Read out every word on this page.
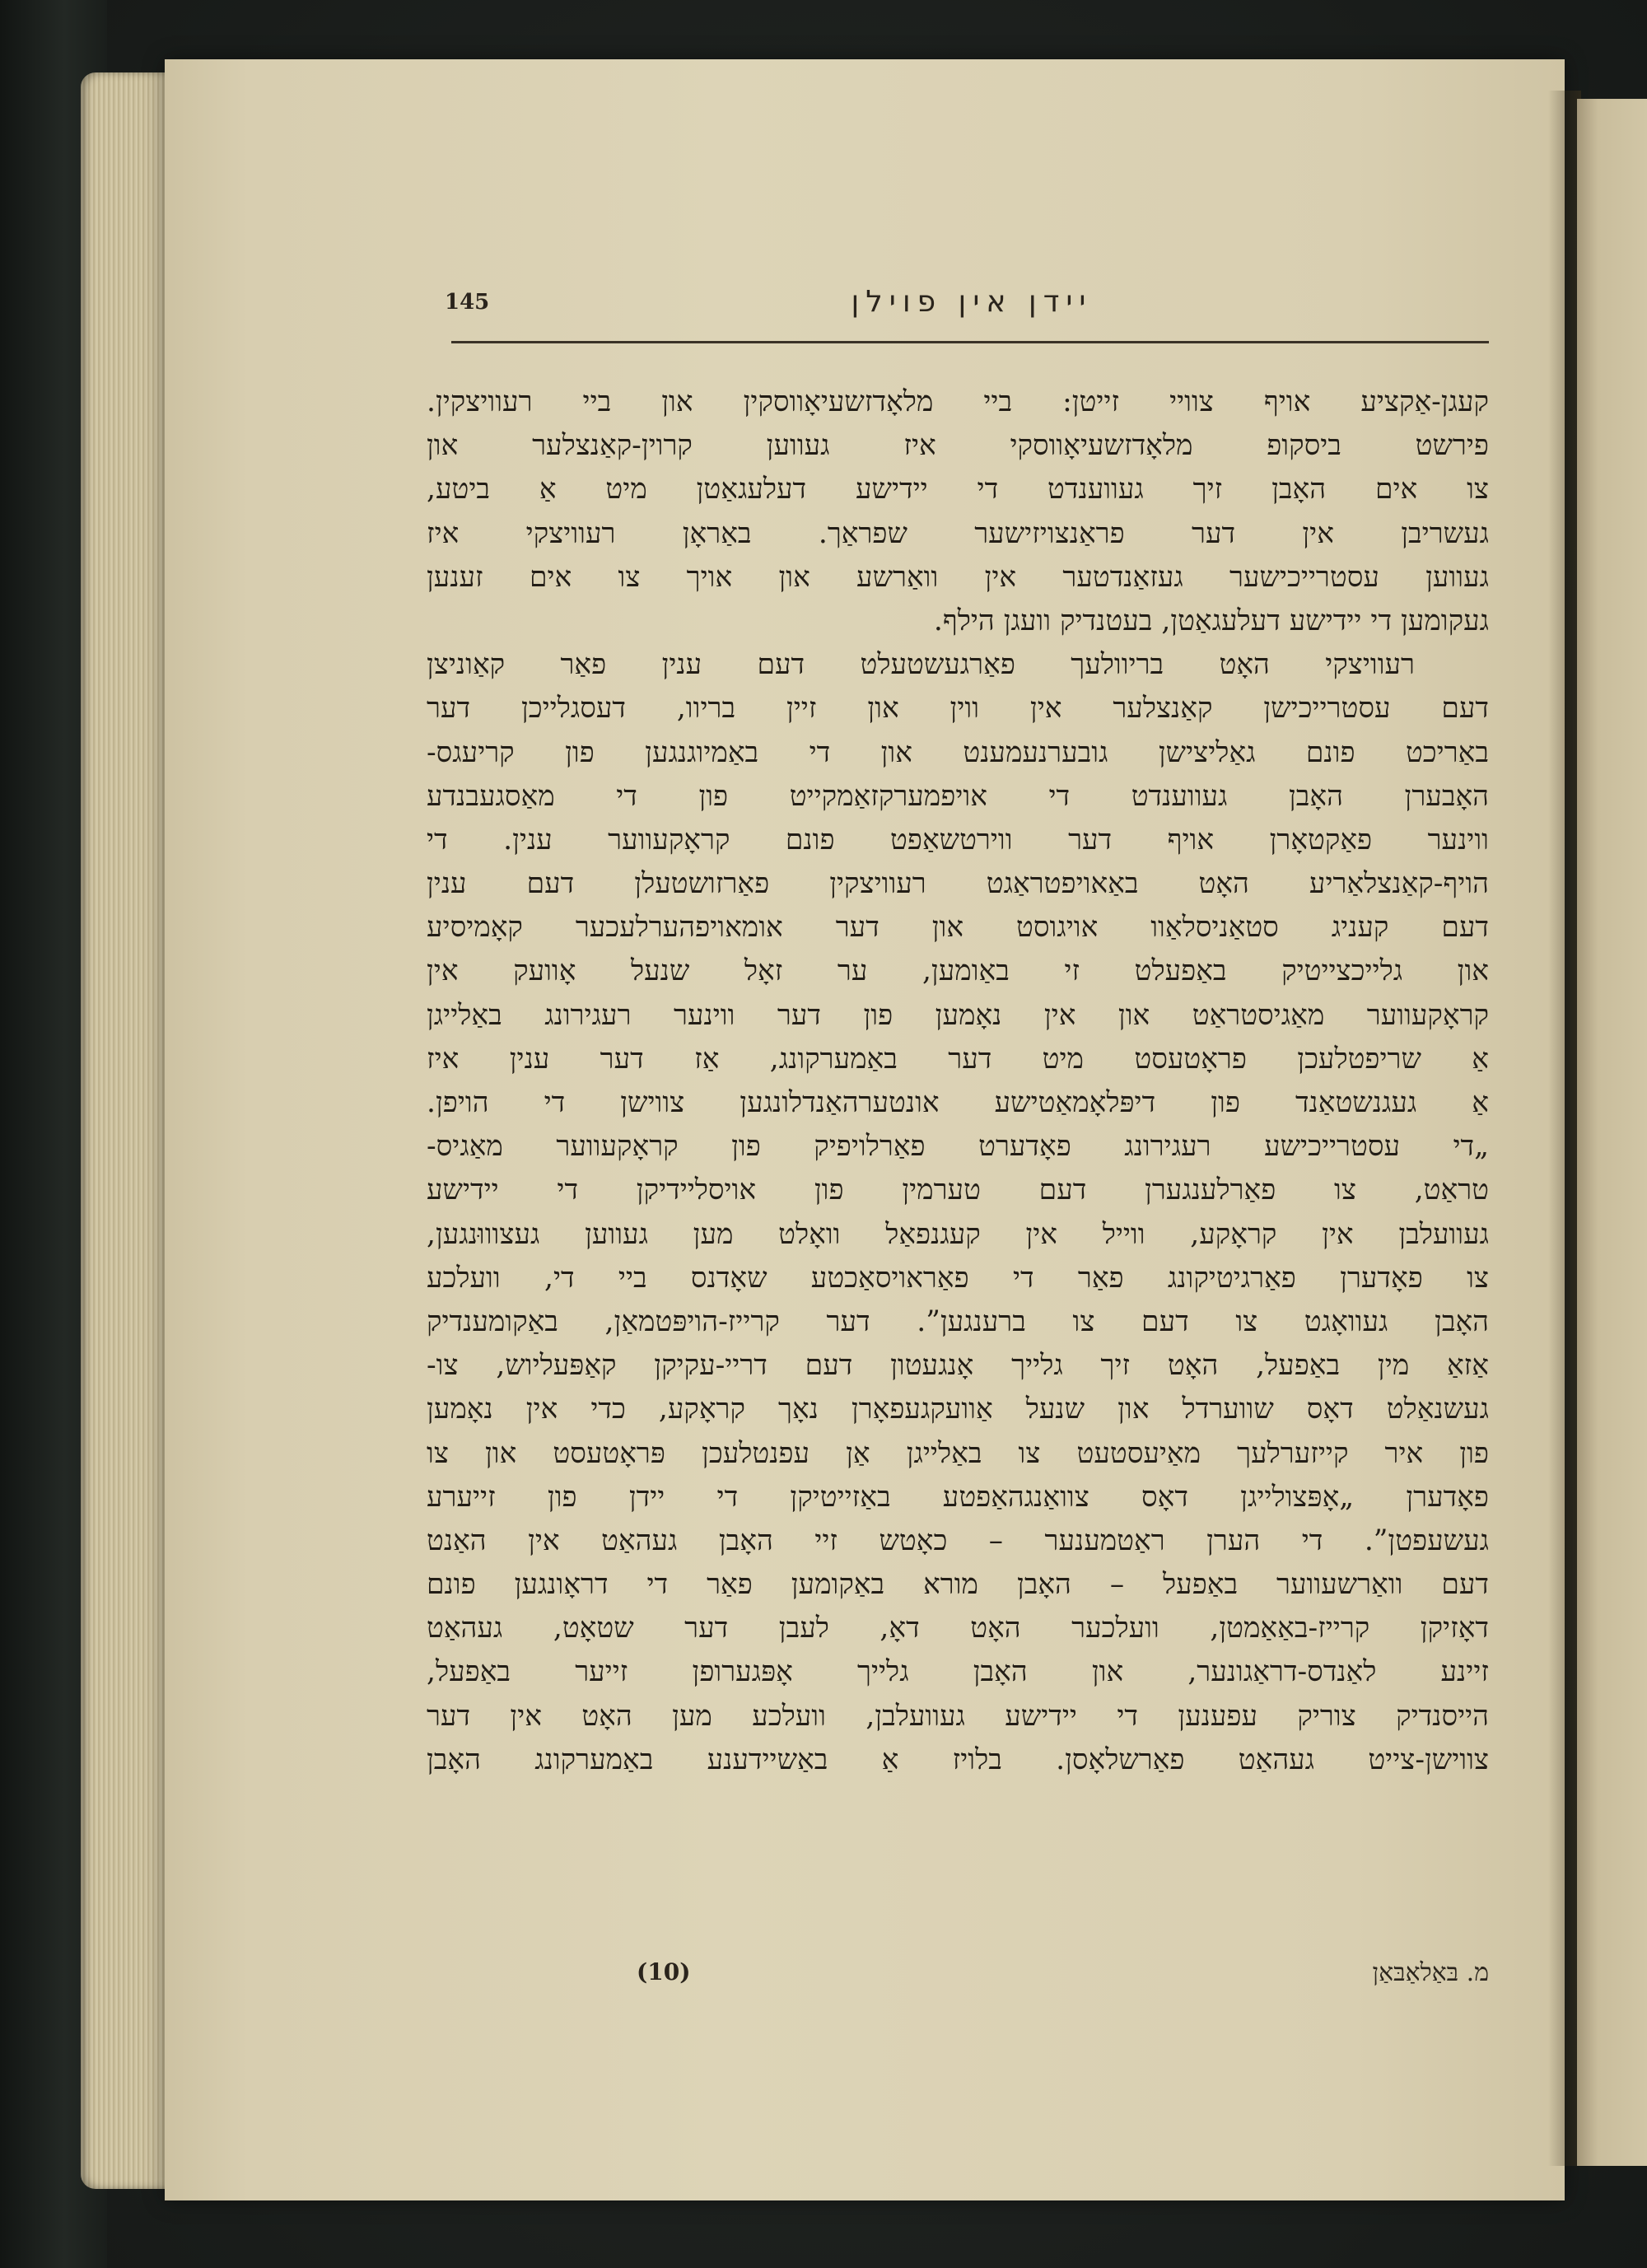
145	יידן אין פוילן
קעגן-אַקציע אויף צוויי זייטן: ביי מלאָדזשעיאָווסקין און ביי רעוויצקין.
פירשט ביסקופ מלאָדזשעיאָווסקי איז געווען קרוין-קאַנצלער און
צו אים האָבן זיך געווענדט די יידישע דעלעגאַטן מיט אַ ביטע,
געשריבן אין דער פראַנצויזישער שפראַך. באַראָן רעוויצקי איז
געווען עסטרייכישער געזאַנדטער אין וואַרשע און אויך צו אים זענען
געקומען די יידישע דעלעגאַטן, בעטנדיק וועגן הילף.
רעוויצקי האָט בריוולעך פאַרגעשטעלט דעם ענין פאַר קאַוניצן
דעם עסטרייכישן קאַנצלער אין ווין און זיין בריוו, דעסגלייכן דער
באַריכט פונם גאַליצישן גובערנעמענט און די באַמיוגנגען פון קריעגס-
האָבערן האָבן געווענדט די אויפמערקזאַמקייט פון די מאַסגעבנדע
ווינער פאַקטאָרן אויף דער ווירטשאַפט פונם קראָקעווער ענין. די
הויף-קאַנצלאַריע האָט באַאויפטראַגט רעוויצקין פאַרזושטעלן דעם ענין
דעם קעניג סטאַניסלאַוו אויגוסט און דער אומאויפהערלעכער קאָמיסיע
און גלייכצייטיק באַפעלט זי באַומען, ער זאָל שנעל אָוועק אין
קראָקעווער מאַגיסטראַט און אין נאָמען פון דער ווינער רעגירונג באַלייגן
אַ שריפטלעכן פראָטעסט מיט דער באַמערקונג, אַז דער ענין איז
אַ געגנשטאַנד פון דיפּלאָמאַטישע אונטערהאַנדלונגען צווישן די הויפן.
„די עסטרייכישע רעגירונג פאָדערט פאַרלויפיק פון קראָקעווער מאַגיס-
טראַט, צו פאַרלענגערן דעם טערמין פון אויסליידיקן די יידישע
געוועלבן אין קראָקע, ווייל אין קעגנפאַל וואָלט מען געווען געצוווּנגען,
צו פאָדערן פאַרגיטיקונג פאַר די פאַראויסאַכטע שאָדנס ביי די, וועלכע
האָבן געוואָגט צו דעם צו ברענגען”. דער קרייז-הויפּטמאַן, באַקומענדיק
אַזאַ מין באַפעל, האָט זיך גלייך אָנגעטון דעם דריי-עקיקן קאַפּעליוש, צו-
געשנאַלט דאָס שווערדל און שנעל אַוועקגעפאָרן נאָך קראָקע, כדי אין נאָמען
פון איר קייזערלעך מאַיעסטעט צו באַלייגן אַן עפנטלעכן פּראָטעסט און צו
פאָדערן „אָפּצולייגן דאָס צוואַנגהאַפטע באַזייטיקן די יידן פון זייערע
געשעפטן”. די הערן ראַטמענער – כאָטש זיי האָבן געהאַט אין האַנט
דעם וואַרשעווער באַפעל – האָבן מורא באַקומען פאַר די דראָונגען פונם
דאָזיקן קרייז-באַאַמטן, וועלכער האָט דאָ, לעבן דער שטאָט, געהאַט
זיינע לאַנדס-דראַגונער, און האָבן גלייך אָפּגערופן זייער באַפעל,
הייסנדיק צוריק עפענען די יידישע געוועלבן, וועלכע מען האָט אין דער
צווישן-צייט געהאַט פאַרשלאָסן. בלויז אַ באַשיידענע באַמערקונג האָבן
(10)	מ. בּאַלאַבּאַן
